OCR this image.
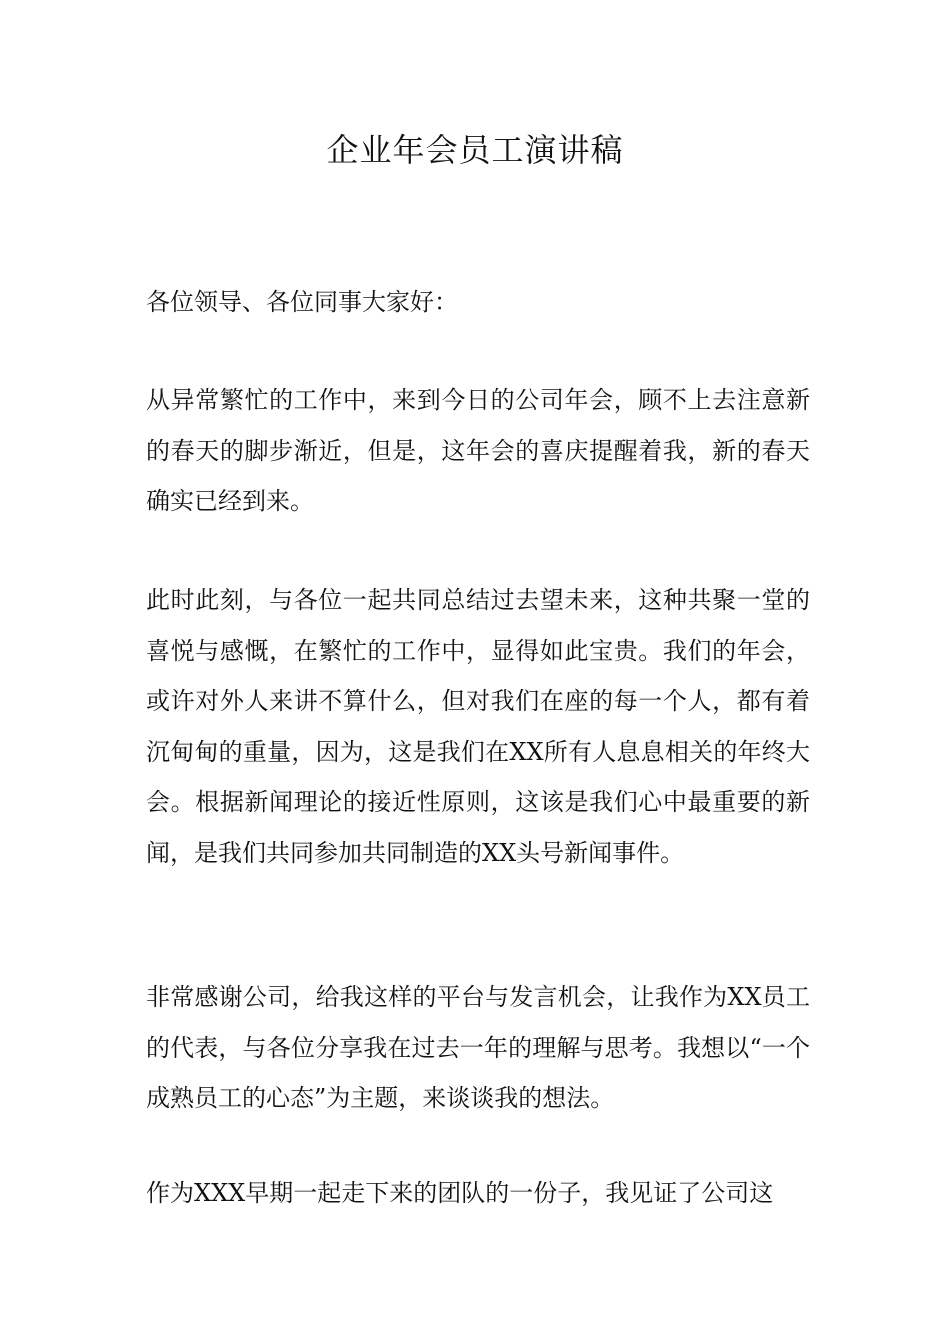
企业年会员工演讲稿

各位领导、各位同事大家好：

从异常繁忙的工作中，来到今日的公司年会，顾不上去注意新的春天的脚步渐近，但是，这年会的喜庆提醒着我，新的春天确实已经到来。

此时此刻，与各位一起共同总结过去望未来，这种共聚一堂的喜悦与感慨，在繁忙的工作中，显得如此宝贵。我们的年会，或许对外人来讲不算什么，但对我们在座的每一个人，都有着沉甸甸的重量，因为，这是我们在XX所有人息息相关的年终大会。根据新闻理论的接近性原则，这该是我们心中最重要的新闻，是我们共同参加共同制造的XX头号新闻事件。

非常感谢公司，给我这样的平台与发言机会，让我作为XX员工的代表，与各位分享我在过去一年的理解与思考。我想以“一个成熟员工的心态”为主题，来谈谈我的想法。

作为XXX早期一起走下来的团队的一份子，我见证了公司这
